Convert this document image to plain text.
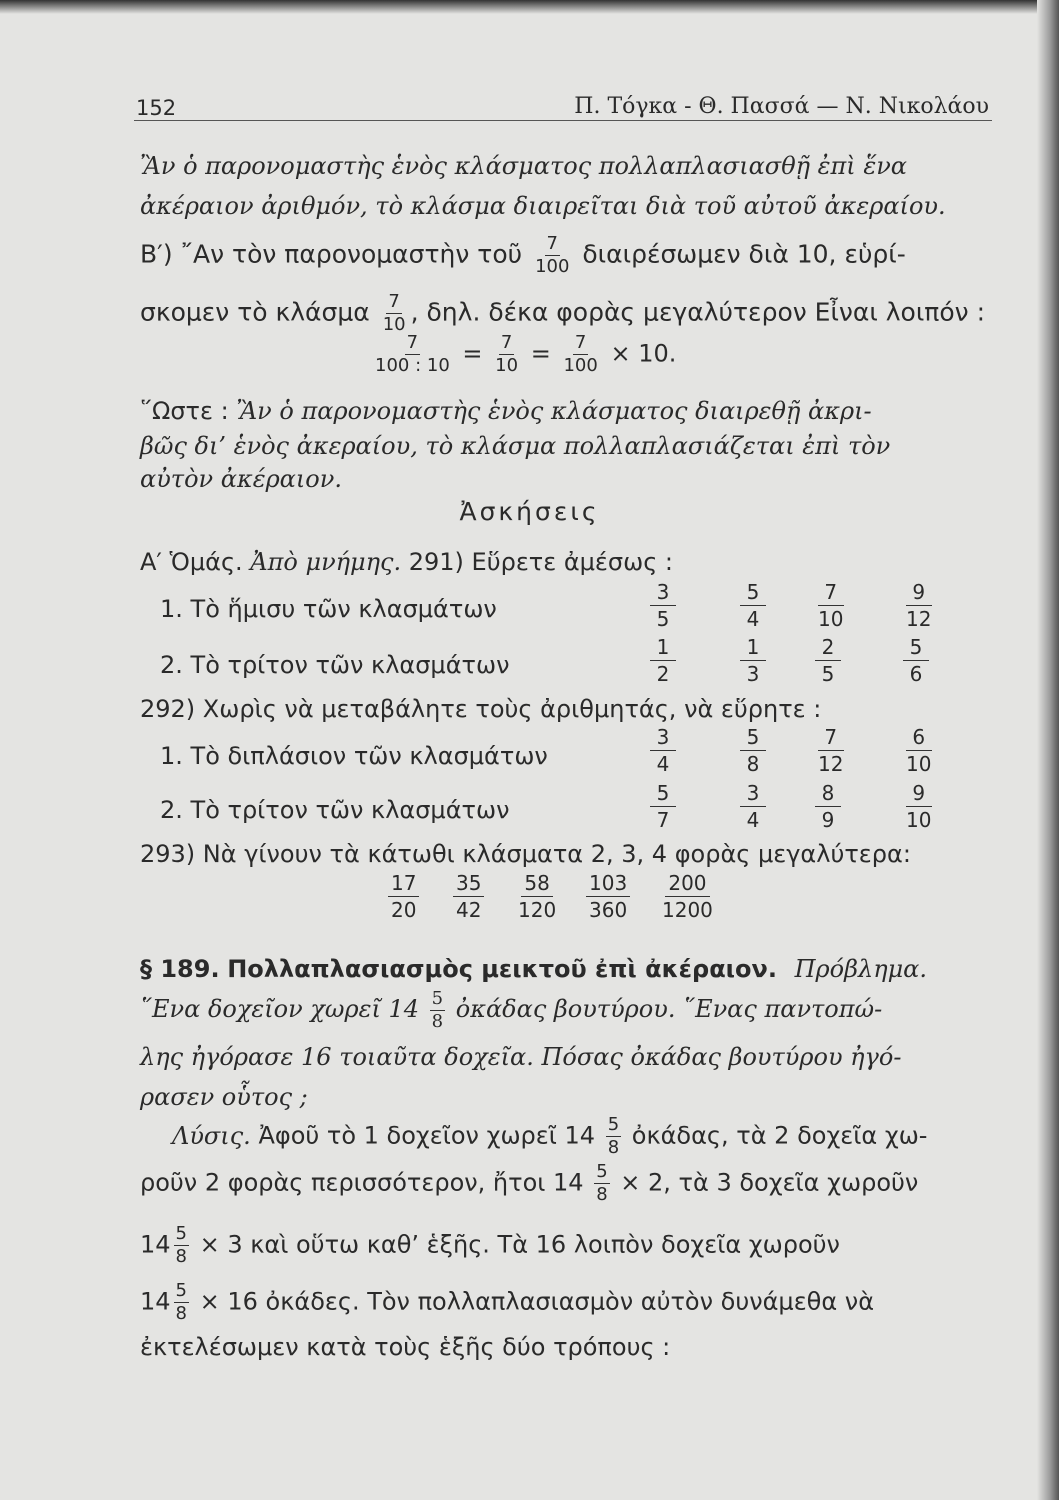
152	Π. Τόγκα - Θ. Πασσά — Ν. Νικολάου
Ἂν ὁ παρονομαστὴς ἑνὸς κλάσματος πολλαπλασιασθῇ ἐπὶ ἕνα
ἀκέραιον ἀριθμόν, τὸ κλάσμα διαιρεῖται διὰ τοῦ αὐτοῦ ἀκεραίου.
Β′) ῎Αν τὸν παρονομαστὴν τοῦ $\frac{7}{100}$ διαιρέσωμεν διὰ 10, εὑρί-
σκομεν τὸ κλάσμα $\frac{7}{10}$ , δηλ. δέκα φορὰς μεγαλύτερον Εἶναι λοιπόν :
$\frac{7}{100 : 10} = \frac{7}{10} = \frac{7}{100} \times 10$.
῞Ωστε : Ἂν ὁ παρονομαστὴς ἑνὸς κλάσματος διαιρεθῇ ἀκρι-
βῶς δι’ ἑνὸς ἀκεραίου, τὸ κλάσμα πολλαπλασιάζεται ἐπὶ τὸν
αὐτὸν ἀκέραιον.
Ἀσκήσεις
Α′ Ὁμάς. Ἀπὸ μνήμης. 291) Εὕρετε ἀμέσως :
1. Τὸ ἥμισυ τῶν κλασμάτων	$\frac{3}{5}$	$\frac{5}{4} \frac{7}{10}$	$\frac{9}{12}$
2. Τὸ τρίτον τῶν κλασμάτων	$\frac{1}{2}$	$\frac{1}{3} \frac{2}{5}$	$\frac{5}{6}$
292) Χωρὶς νὰ μεταβάλητε τοὺς ἀριθμητάς, νὰ εὕρητε :
1. Τὸ διπλάσιον τῶν κλασμάτων	$\frac{3}{4}$	$\frac{5}{8} \frac{7}{12}$	$\frac{6}{10}$
2. Τὸ τρίτον τῶν κλασμάτων	$\frac{5}{7}$	$\frac{3}{4} \frac{8}{9}$	$\frac{9}{10}$
293) Νὰ γίνουν τὰ κάτωθι κλάσματα 2, 3, 4 φορὰς μεγαλύτερα:
$\frac{17}{20} \frac{35}{42} \frac{58}{120} \frac{103}{360} \frac{200}{1200}$
§ 189. Πολλαπλασιασμὸς μεικτοῦ ἐπὶ ἀκέραιον. Πρόβλημα.
῞Ενα δοχεῖον χωρεῖ $14 \frac{5}{8}$ ὀκάδας βουτύρου. ῞Ενας παντοπώ-
λης ἠγόρασε 16 τοιαῦτα δοχεῖα. Πόσας ὀκάδας βουτύρου ἠγό-
ρασεν οὗτος ;
Λύσις. Ἀφοῦ τὸ 1 δοχεῖον χωρεῖ $14 \frac{5}{8}$ ὀκάδας, τὰ 2 δοχεῖα χω-
ροῦν 2 φορὰς περισσότερον, ἤτοι $14 \frac{5}{8} \times 2$, τὰ 3 δοχεῖα χωροῦν
$14 \frac{5}{8} \times 3$ καὶ οὕτω καθ’ ἑξῆς. Τὰ 16 λοιπὸν δοχεῖα χωροῦν
$14 \frac{5}{8} \times 16$ ὀκάδες. Τὸν πολλαπλασιασμὸν αὐτὸν δυνάμεθα νὰ
ἐκτελέσωμεν κατὰ τοὺς ἑξῆς δύο τρόπους :
